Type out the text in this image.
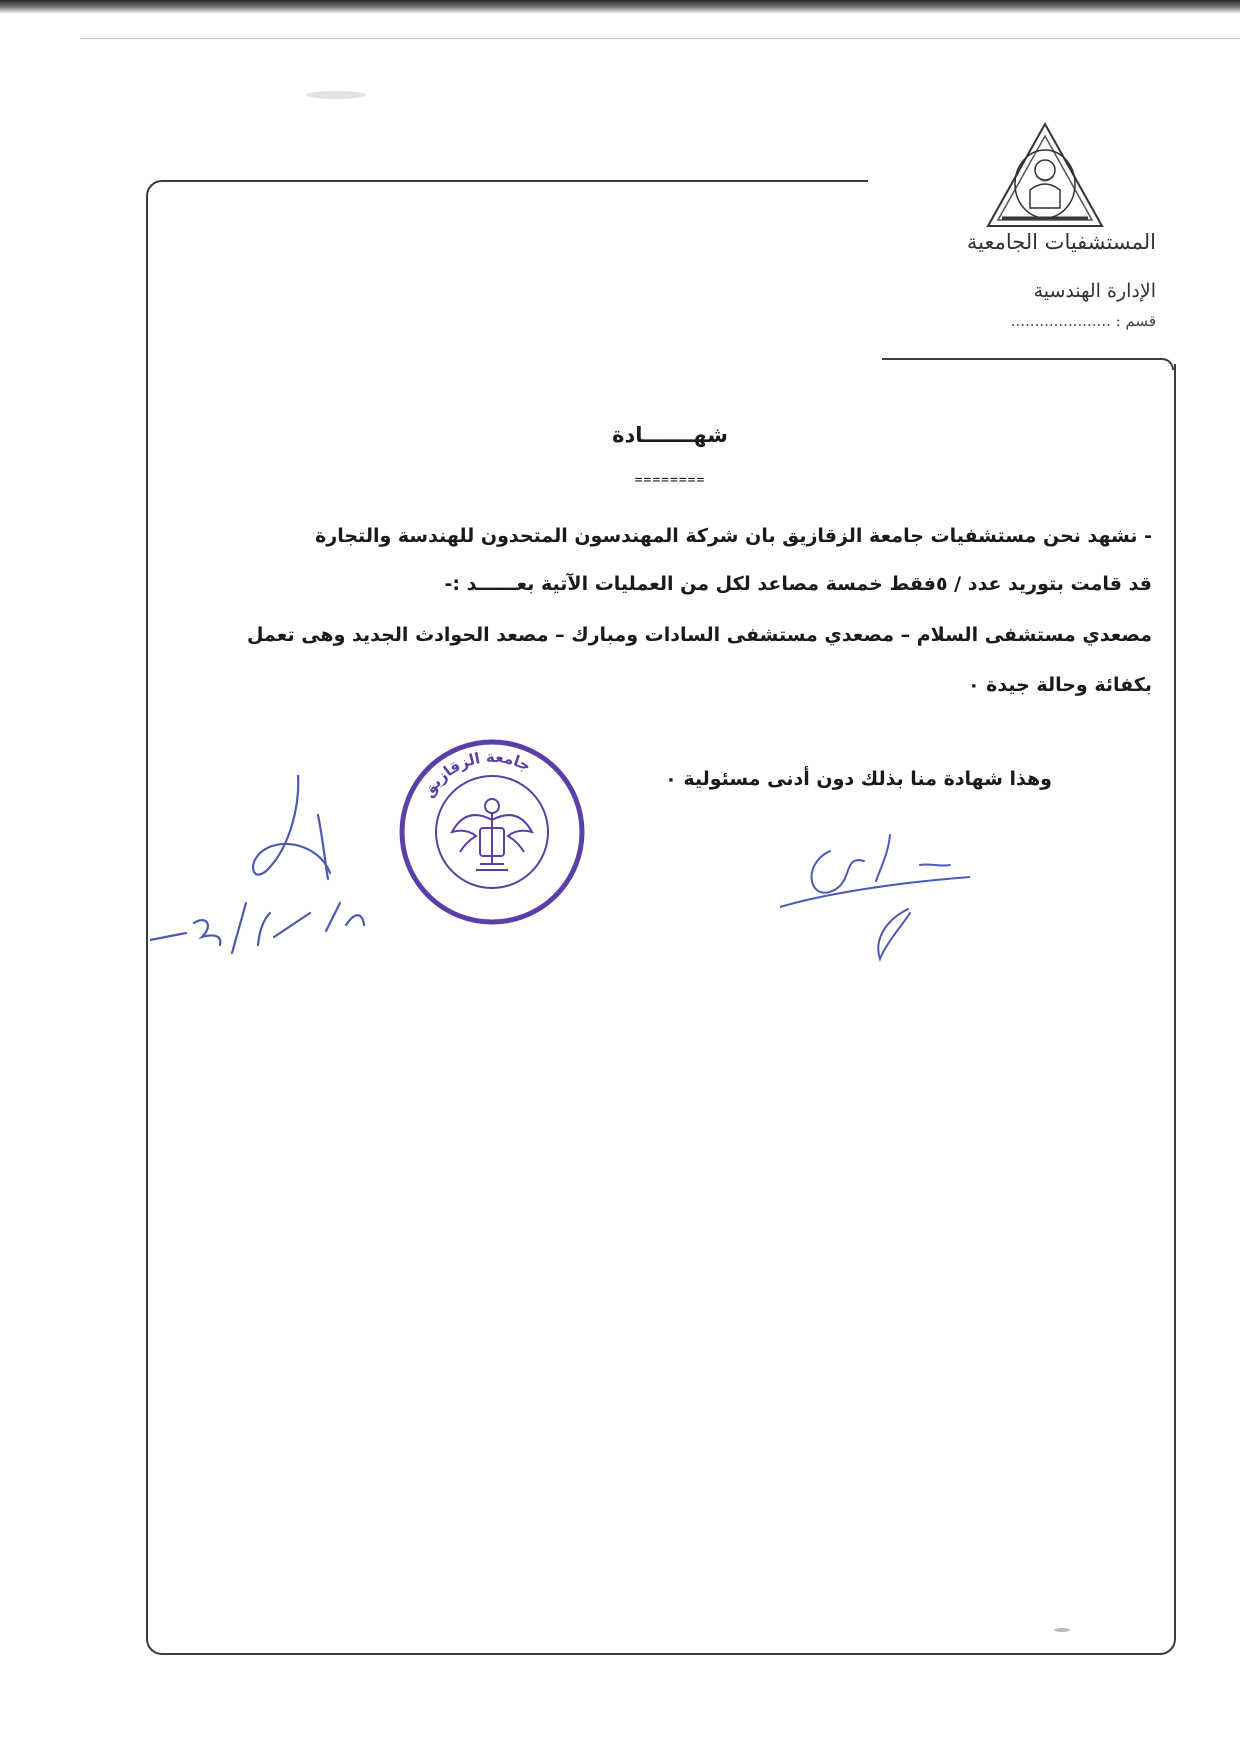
المستشفيات الجامعية
الإدارة الهندسية
قسم : .....................
شهـــــــادة
========
- نشهد نحن مستشفيات جامعة الزقازيق بان شركة المهندسون المتحدون للهندسة والتجارة
قد قامت بتوريد عدد / ٥فقط خمسة مصاعد لكل من العمليات الآتية بعــــــد :-
مصعدي مستشفى السلام – مصعدي مستشفى السادات ومبارك – مصعد الحوادث الجديد وهى تعمل
بكفائة وحالة جيدة ٠
وهذا شهادة منا بذلك دون أدنى مسئولية ٠
جامعة الزقازيق
